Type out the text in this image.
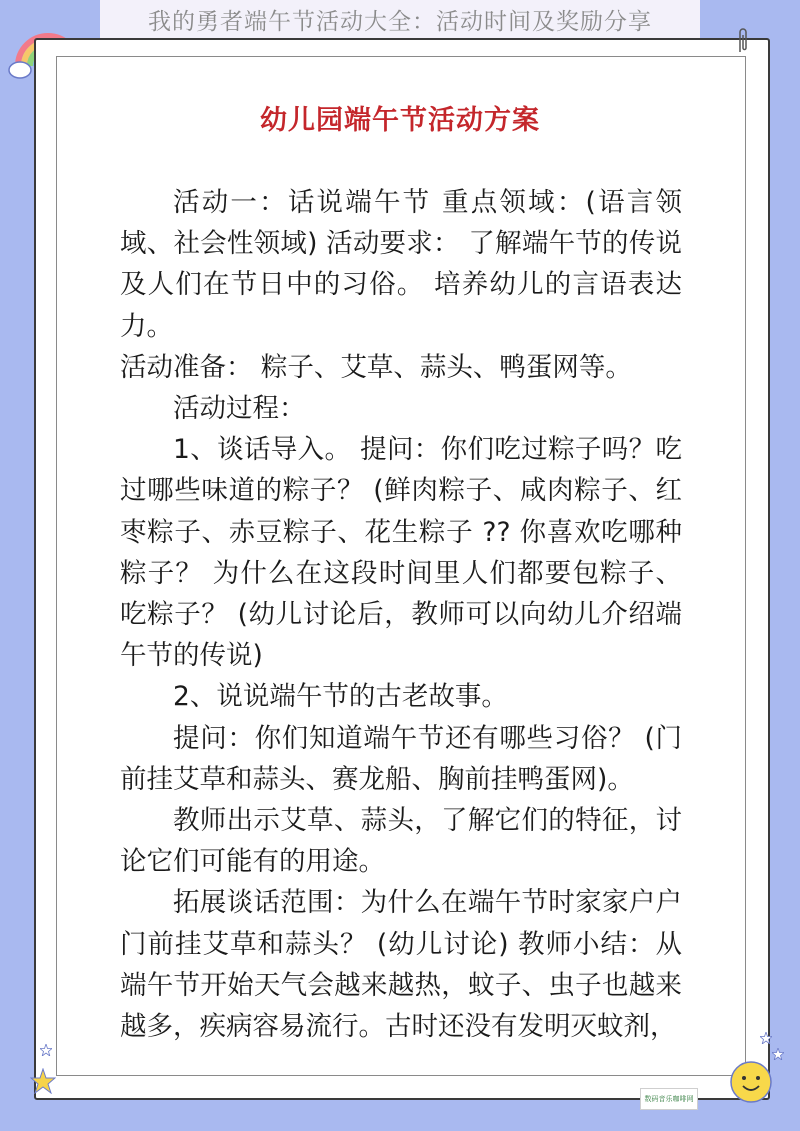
我的勇者端午节活动大全：活动时间及奖励分享
幼儿园端午节活动方案

活动一：话说端午节 重点领域：(语言领域、社会性领域) 活动要求： 了解端午节的传说及人们在节日中的习俗。 培养幼儿的言语表达力。

活动准备： 粽子、艾草、蒜头、鸭蛋网等。

活动过程：

1、谈话导入。 提问：你们吃过粽子吗？吃过哪些味道的粽子？ (鲜肉粽子、咸肉粽子、红枣粽子、赤豆粽子、花生粽子 ?? 你喜欢吃哪种粽子？ 为什么在这段时间里人们都要包粽子、吃粽子？ (幼儿讨论后，教师可以向幼儿介绍端午节的传说)

2、说说端午节的古老故事。

提问：你们知道端午节还有哪些习俗？ (门前挂艾草和蒜头、赛龙船、胸前挂鸭蛋网)。

教师出示艾草、蒜头，了解它们的特征，讨论它们可能有的用途。

拓展谈话范围：为什么在端午节时家家户户门前挂艾草和蒜头？ (幼儿讨论) 教师小结：从端午节开始天气会越来越热，蚊子、虫子也越来越多，疾病容易流行。古时还没有发明灭蚊剂，

数码音乐咖啡网
